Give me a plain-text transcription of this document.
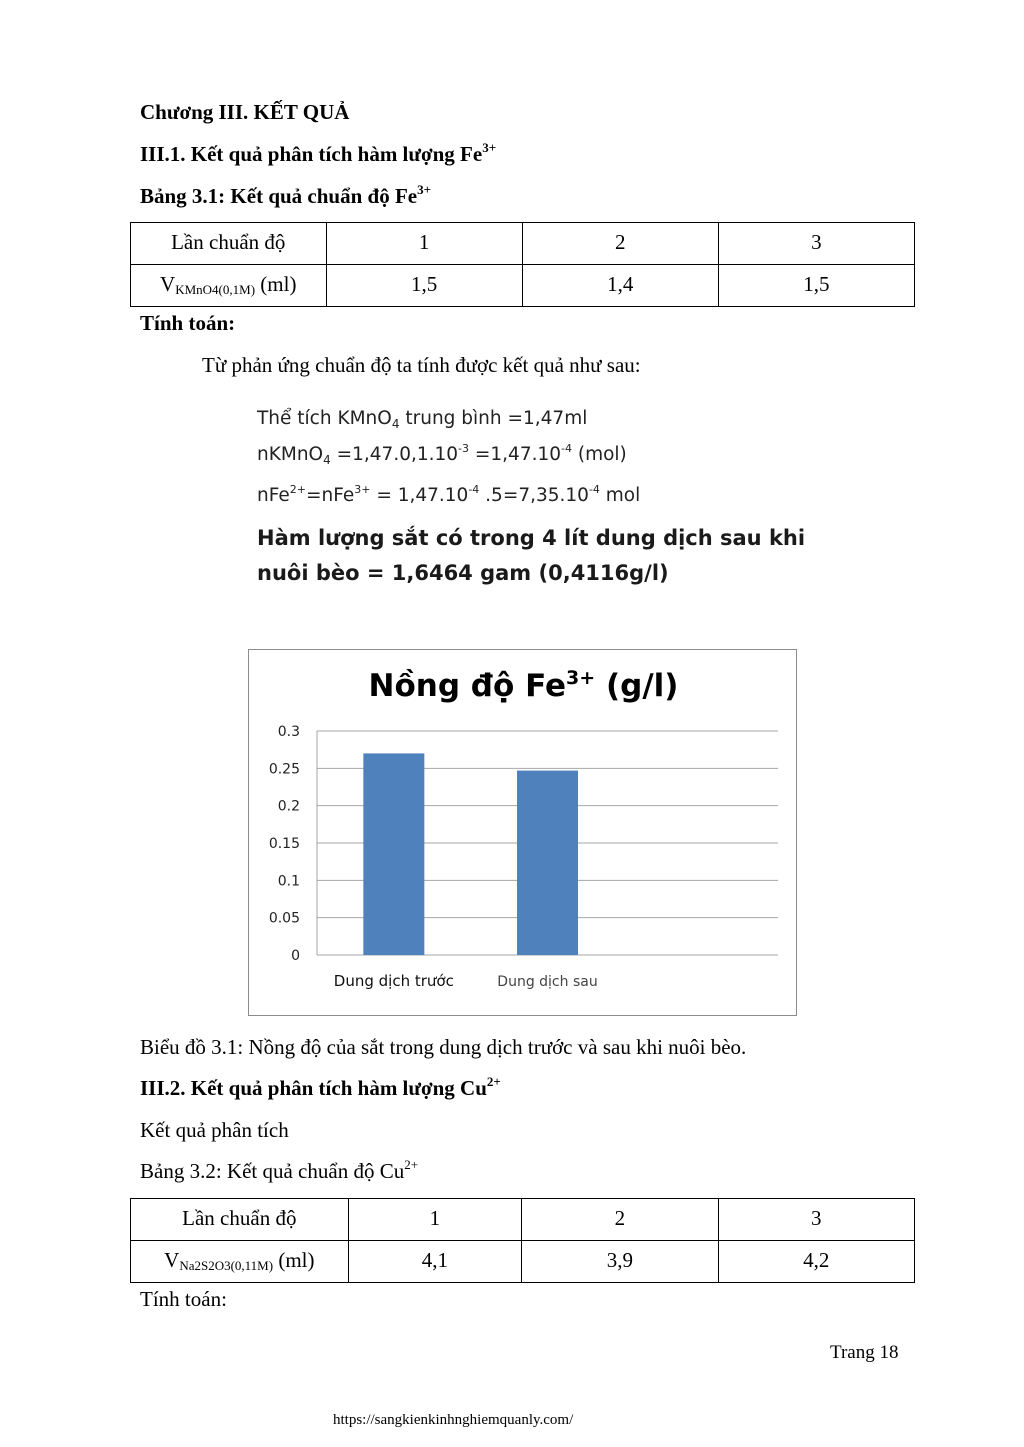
Chương III. KẾT QUẢ
III.1. Kết quả phân tích hàm lượng $Fe^{3+}$
Bảng 3.1: Kết quả chuẩn độ $Fe^{3+}$
Lần chuẩn độ	1	2	3
$V_{KMnO4(0,1M)}$ (ml)	1,5	1,4	1,5
Tính toán:
Từ phản ứng chuẩn độ ta tính được kết quả như sau:
Thể tích KMnO$_4$ trung bình =1,47ml
nKMnO$_4$ $=1,47.0,1.10^{-3} =1,47.10^{-4}$ (mol)
$nFe^{2+}=nFe^{3+} = 1,47.10^{-4}$ $.5=7,35.10^{-4}$ mol
Hàm lượng sắt có trong 4 lít dung dịch sau khi
nuôi bèo = 1,6464 gam (0,4116g/l)
Nồng độ $Fe^{3+}$ (g/l)
0
0.05
0.1
0.15
0.2
0.25
0.3
Dung dịch trước	Dung dịch sau
Biểu đồ 3.1: Nồng độ của sắt trong dung dịch trước và sau khi nuôi bèo.
III.2. Kết quả phân tích hàm lượng $Cu^{2+}$
Kết quả phân tích
Bảng 3.2: Kết quả chuẩn độ $Cu^{2+}$
Lần chuẩn độ	1	2	3
$V_{Na2S2O3(0,11M)}$ (ml)	4,1	3,9	4,2
Tính toán:
Trang 18
https://sangkienkinhnghiemquanly.com/
